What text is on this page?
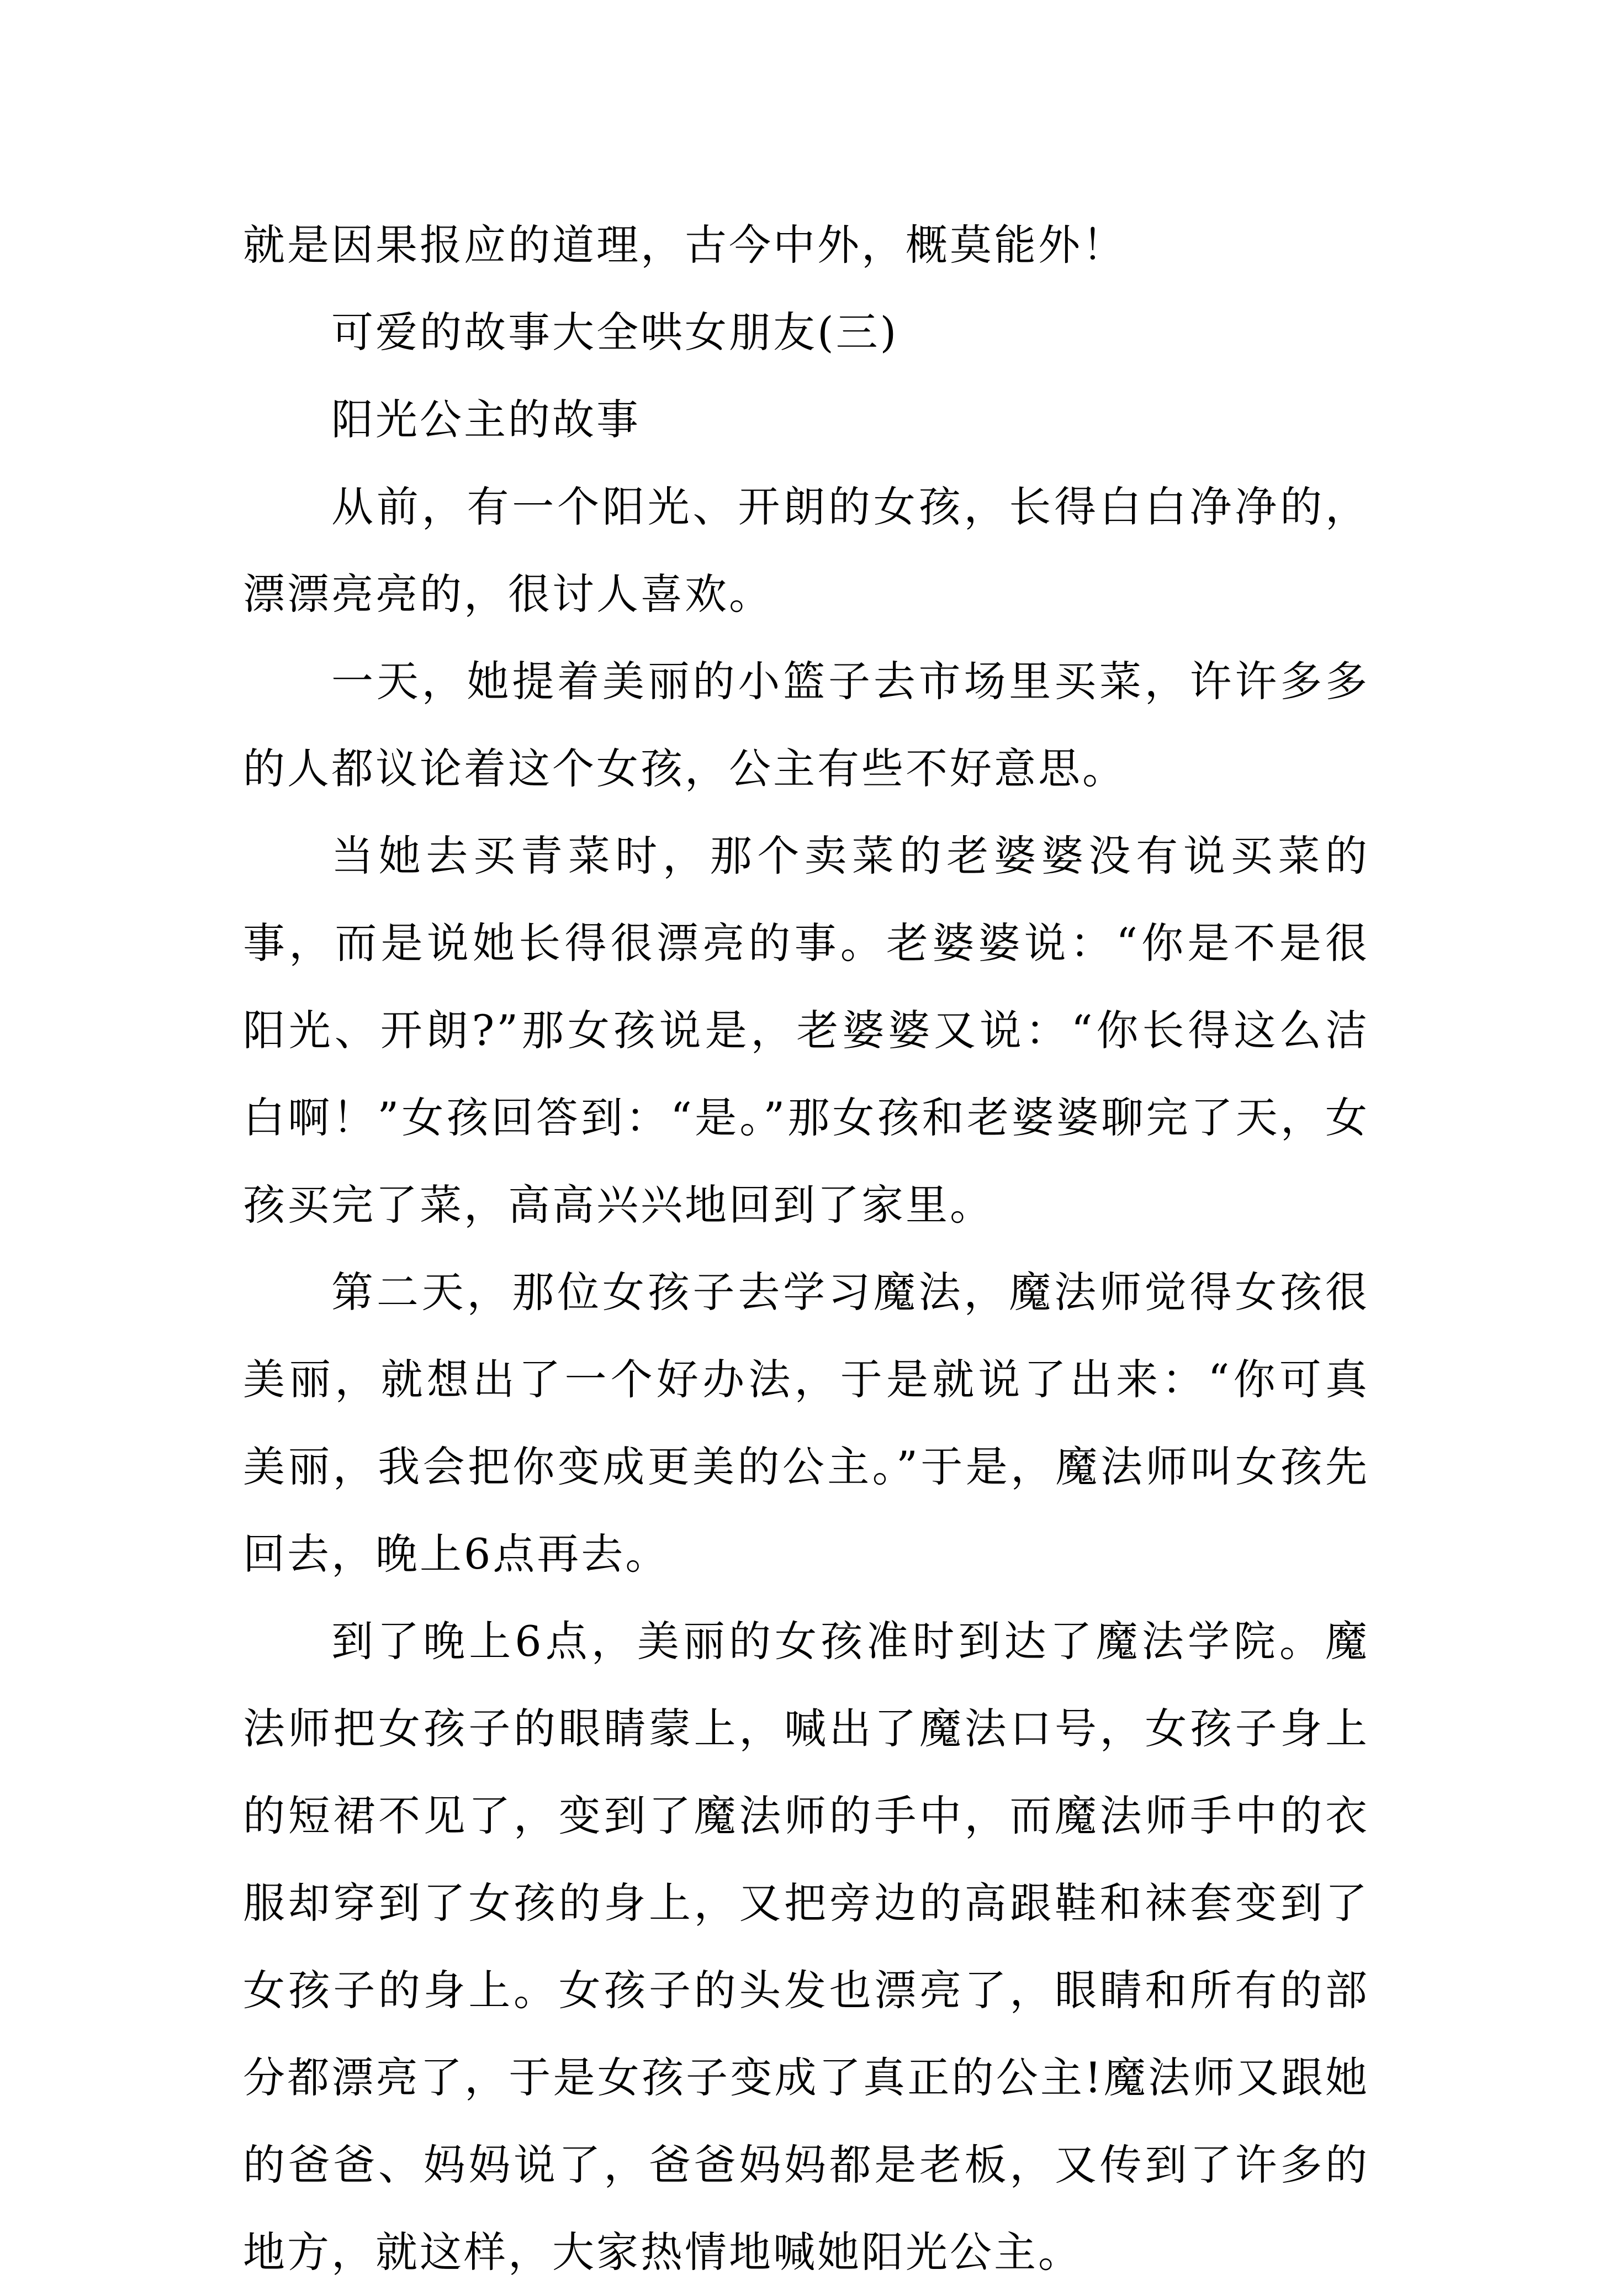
就是因果报应的道理，古今中外，概莫能外！

可爱的故事大全哄女朋友(三)

阳光公主的故事

从前，有一个阳光、开朗的女孩，长得白白净净的，漂漂亮亮的，很讨人喜欢。

一天，她提着美丽的小篮子去市场里买菜，许许多多的人都议论着这个女孩，公主有些不好意思。

当她去买青菜时，那个卖菜的老婆婆没有说买菜的事，而是说她长得很漂亮的事。老婆婆说：“你是不是很阳光、开朗?”那女孩说是，老婆婆又说：“你长得这么洁白啊！”女孩回答到：“是。”那女孩和老婆婆聊完了天，女孩买完了菜，高高兴兴地回到了家里。

第二天，那位女孩子去学习魔法，魔法师觉得女孩很美丽，就想出了一个好办法，于是就说了出来：“你可真美丽，我会把你变成更美的公主。”于是，魔法师叫女孩先回去，晚上6点再去。

到了晚上6点，美丽的女孩准时到达了魔法学院。魔法师把女孩子的眼睛蒙上，喊出了魔法口号，女孩子身上的短裙不见了，变到了魔法师的手中，而魔法师手中的衣服却穿到了女孩的身上，又把旁边的高跟鞋和袜套变到了女孩子的身上。女孩子的头发也漂亮了，眼睛和所有的部分都漂亮了，于是女孩子变成了真正的公主!魔法师又跟她的爸爸、妈妈说了，爸爸妈妈都是老板，又传到了许多的地方，就这样，大家热情地喊她阳光公主。
